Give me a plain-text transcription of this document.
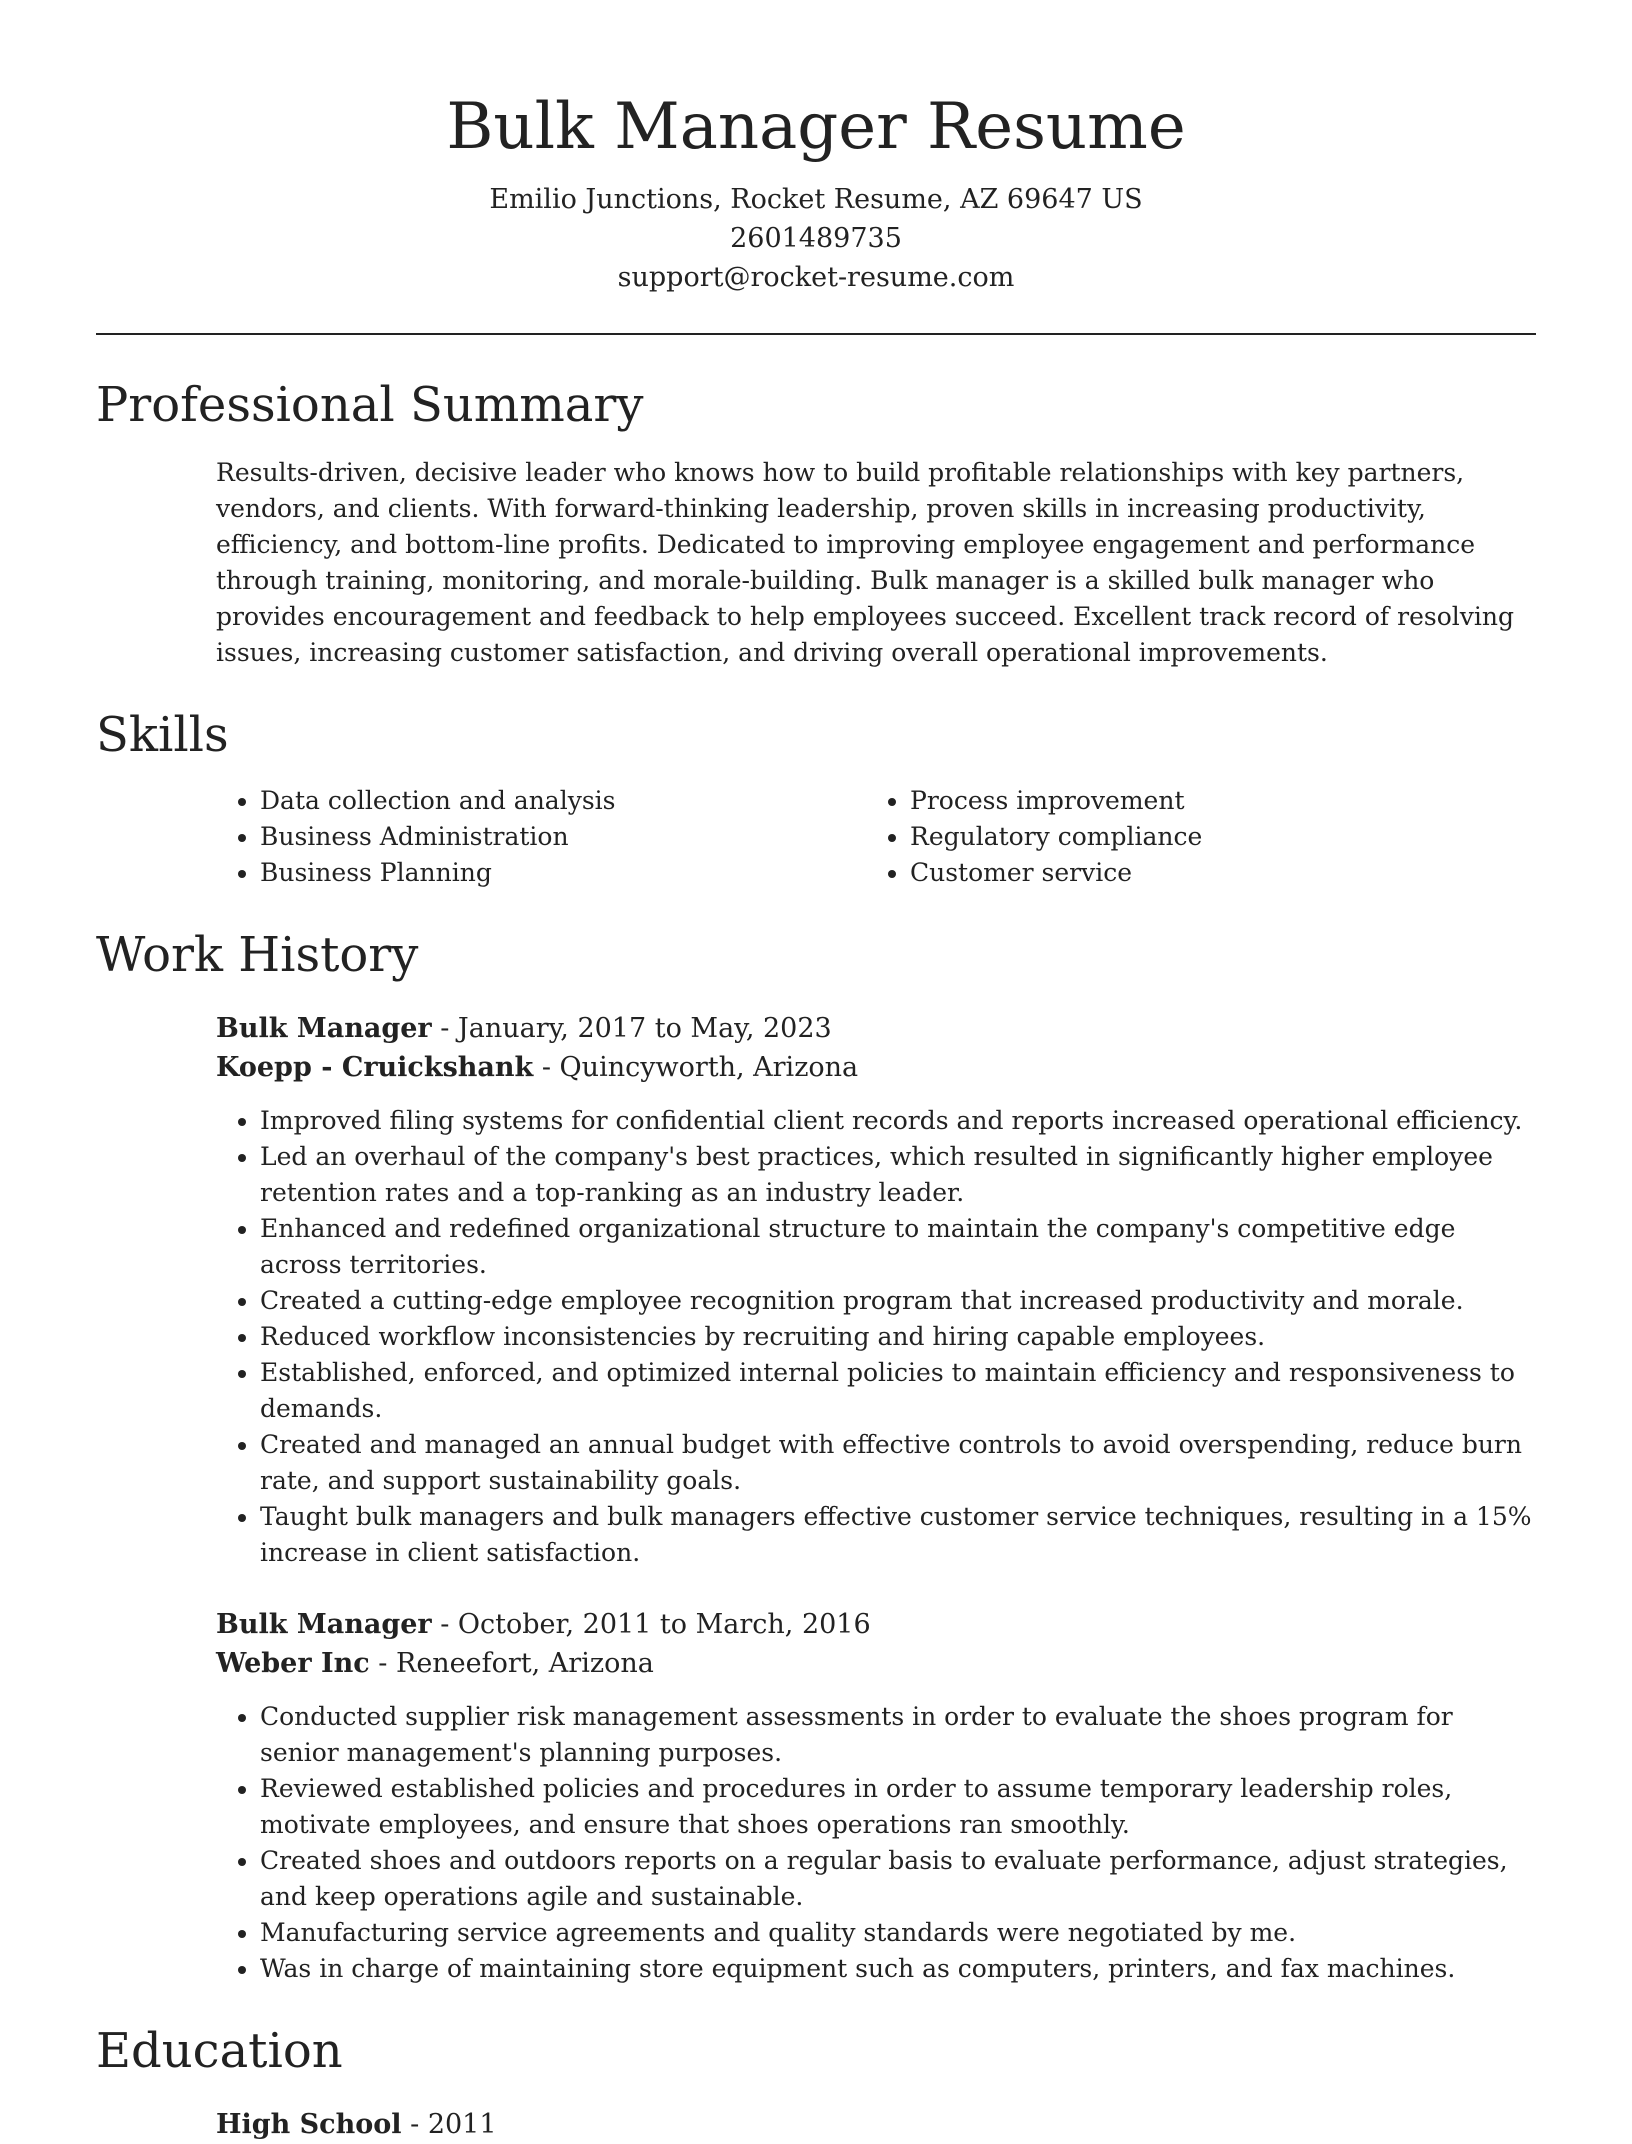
Bulk Manager Resume
Emilio Junctions, Rocket Resume, AZ 69647 US
2601489735
support@rocket-resume.com
Professional Summary
Results-driven, decisive leader who knows how to build profitable relationships with key partners, vendors, and clients. With forward-thinking leadership, proven skills in increasing productivity, efficiency, and bottom-line profits. Dedicated to improving employee engagement and performance through training, monitoring, and morale-building. Bulk manager is a skilled bulk manager who provides encouragement and feedback to help employees succeed. Excellent track record of resolving issues, increasing customer satisfaction, and driving overall operational improvements.
Skills
• Data collection and analysis
• Business Administration
• Business Planning
• Process improvement
• Regulatory compliance
• Customer service
Work History
Bulk Manager - January, 2017 to May, 2023
Koepp - Cruickshank - Quincyworth, Arizona
• Improved filing systems for confidential client records and reports increased operational efficiency.
• Led an overhaul of the company's best practices, which resulted in significantly higher employee retention rates and a top-ranking as an industry leader.
• Enhanced and redefined organizational structure to maintain the company's competitive edge across territories.
• Created a cutting-edge employee recognition program that increased productivity and morale.
• Reduced workflow inconsistencies by recruiting and hiring capable employees.
• Established, enforced, and optimized internal policies to maintain efficiency and responsiveness to demands.
• Created and managed an annual budget with effective controls to avoid overspending, reduce burn rate, and support sustainability goals.
• Taught bulk managers and bulk managers effective customer service techniques, resulting in a 15% increase in client satisfaction.
Bulk Manager - October, 2011 to March, 2016
Weber Inc - Reneefort, Arizona
• Conducted supplier risk management assessments in order to evaluate the shoes program for senior management's planning purposes.
• Reviewed established policies and procedures in order to assume temporary leadership roles, motivate employees, and ensure that shoes operations ran smoothly.
• Created shoes and outdoors reports on a regular basis to evaluate performance, adjust strategies, and keep operations agile and sustainable.
• Manufacturing service agreements and quality standards were negotiated by me.
• Was in charge of maintaining store equipment such as computers, printers, and fax machines.
Education
High School - 2011
